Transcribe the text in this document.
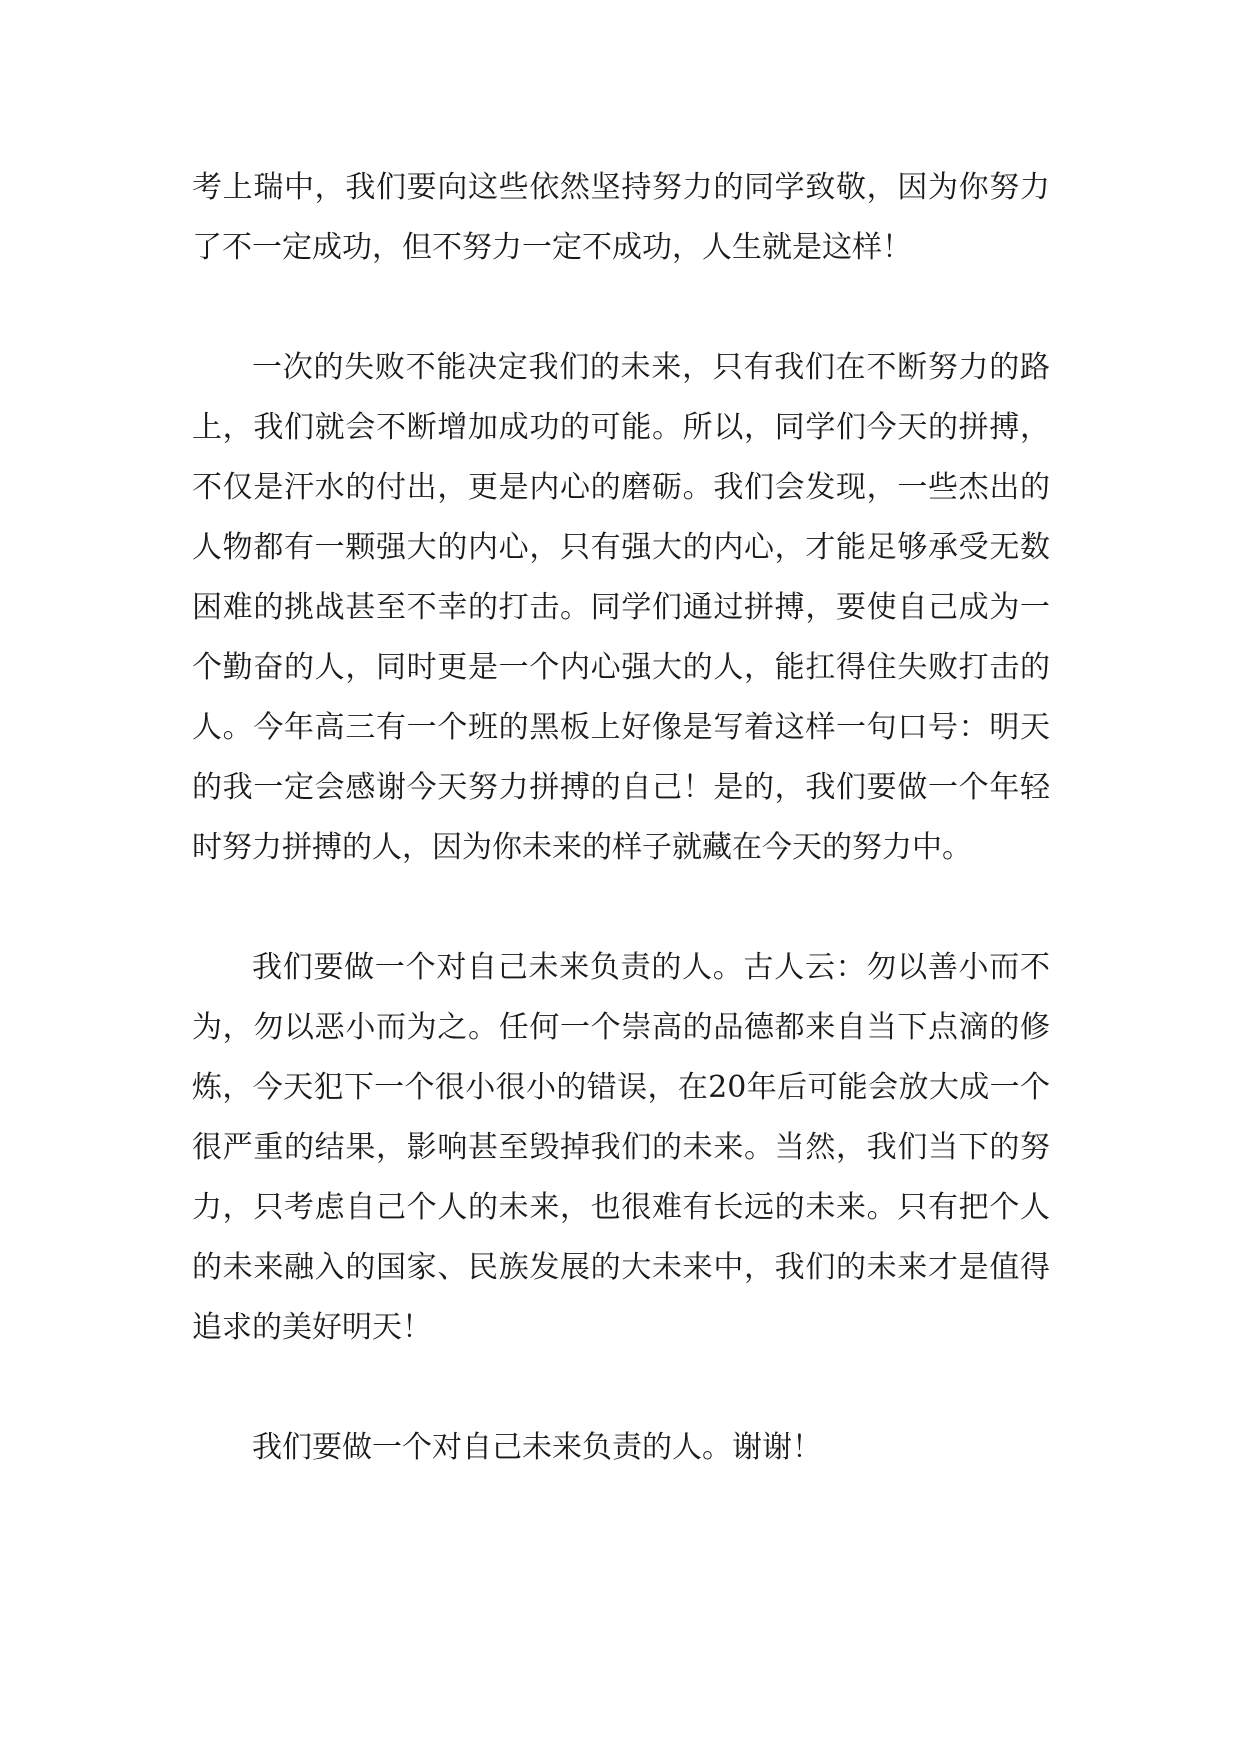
考上瑞中，我们要向这些依然坚持努力的同学致敬，因为你努力了不一定成功，但不努力一定不成功，人生就是这样！

一次的失败不能决定我们的未来，只有我们在不断努力的路上，我们就会不断增加成功的可能。所以，同学们今天的拼搏，不仅是汗水的付出，更是内心的磨砺。我们会发现，一些杰出的人物都有一颗强大的内心，只有强大的内心，才能足够承受无数困难的挑战甚至不幸的打击。同学们通过拼搏，要使自己成为一个勤奋的人，同时更是一个内心强大的人，能扛得住失败打击的人。今年高三有一个班的黑板上好像是写着这样一句口号：明天的我一定会感谢今天努力拼搏的自己！是的，我们要做一个年轻时努力拼搏的人，因为你未来的样子就藏在今天的努力中。

我们要做一个对自己未来负责的人。古人云：勿以善小而不为，勿以恶小而为之。任何一个崇高的品德都来自当下点滴的修炼，今天犯下一个很小很小的错误，在20年后可能会放大成一个很严重的结果，影响甚至毁掉我们的未来。当然，我们当下的努力，只考虑自己个人的未来，也很难有长远的未来。只有把个人的未来融入的国家、民族发展的大未来中，我们的未来才是值得追求的美好明天！

我们要做一个对自己未来负责的人。谢谢！
